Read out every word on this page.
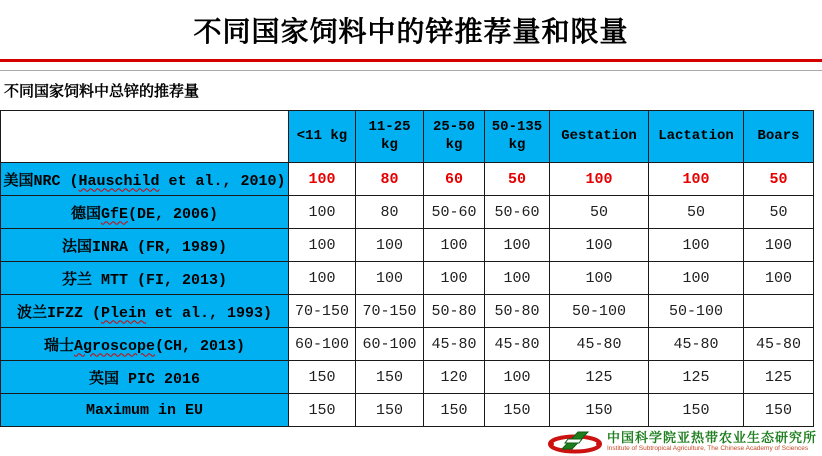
不同国家饲料中的锌推荐量和限量
不同国家饲料中总锌的推荐量
	<11 kg	11-25 kg	25-50 kg	50-135 kg	Gestation	Lactation	Boars
美国NRC (Hauschild et al., 2010)	100	80	60	50	100	100	50
德国GfE(DE, 2006)	100	80	50-60	50-60	50	50	50
法国INRA (FR, 1989)	100	100	100	100	100	100	100
芬兰 MTT (FI, 2013)	100	100	100	100	100	100	100
波兰IFZZ (Plein et al., 1993)	70-150	70-150	50-80	50-80	50-100	50-100	
瑞士Agroscope(CH, 2013)	60-100	60-100	45-80	45-80	45-80	45-80	45-80
英国 PIC 2016	150	150	120	100	125	125	125
Maximum in EU	150	150	150	150	150	150	150
中国科学院亚热带农业生态研究所
Institute of Subtropical Agriculture, The Chinese Academy of Sciences
